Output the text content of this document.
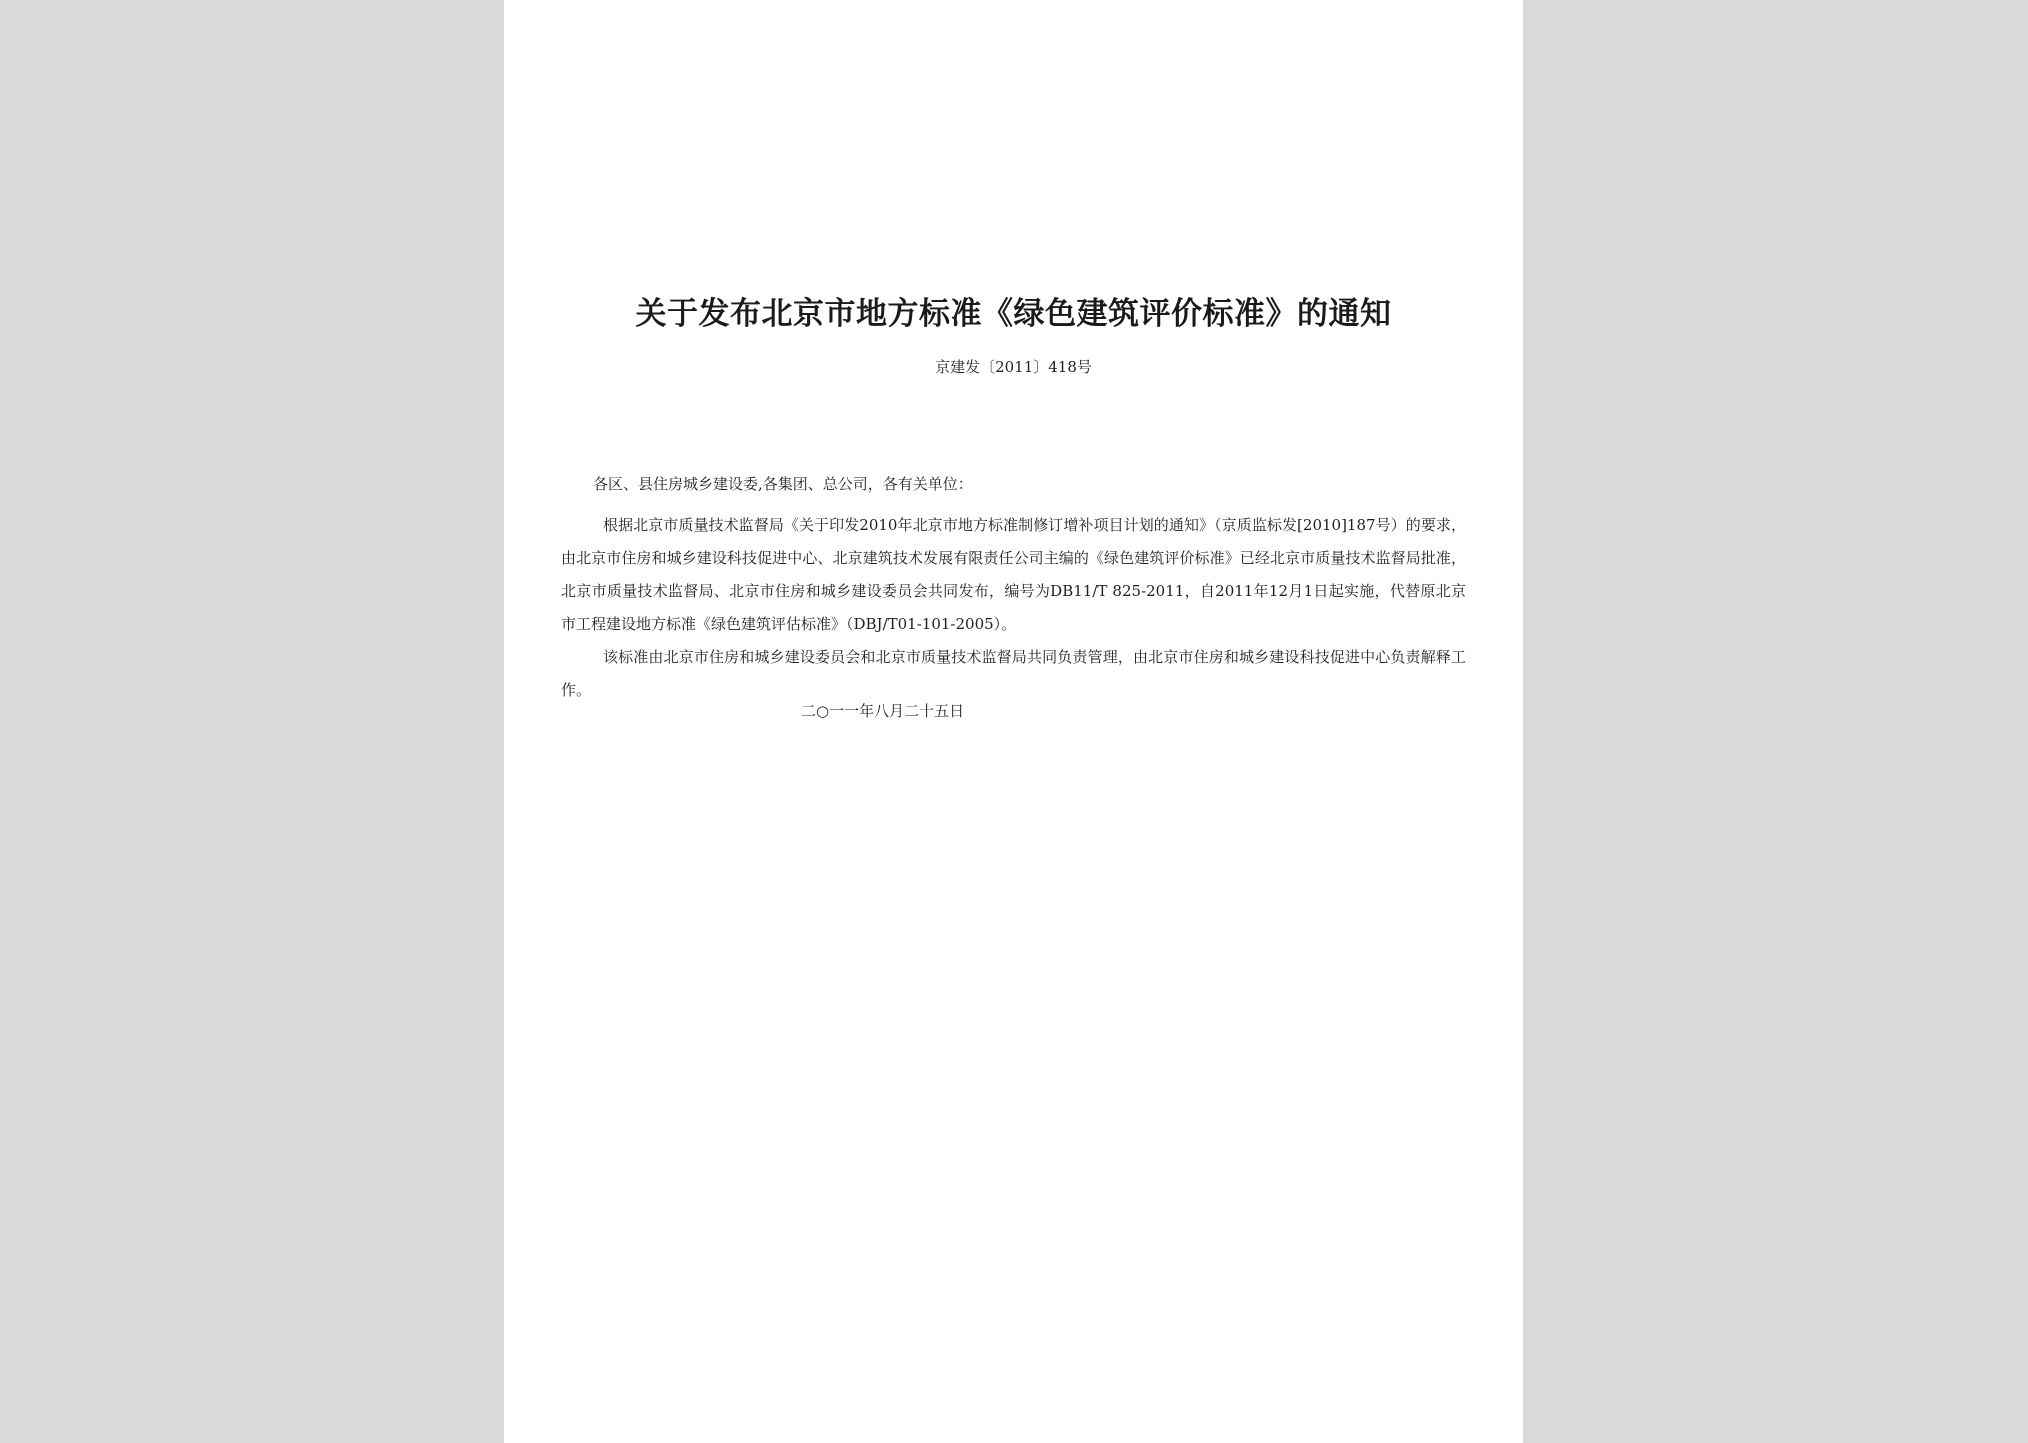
关于发布北京市地方标准《绿色建筑评价标准》的通知
京建发〔2011〕418号

各区、县住房城乡建设委,各集团、总公司，各有关单位：

根据北京市质量技术监督局《关于印发2010年北京市地方标准制修订增补项目计划的通知》（京质监标发[2010]187号）的要求，由北京市住房和城乡建设科技促进中心、北京建筑技术发展有限责任公司主编的《绿色建筑评价标准》已经北京市质量技术监督局批准，北京市质量技术监督局、北京市住房和城乡建设委员会共同发布，编号为DB11/T 825-2011，自2011年12月1日起实施，代替原北京市工程建设地方标准《绿色建筑评估标准》（DBJ/T01-101-2005）。

该标准由北京市住房和城乡建设委员会和北京市质量技术监督局共同负责管理，由北京市住房和城乡建设科技促进中心负责解释工作。

二○一一年八月二十五日
